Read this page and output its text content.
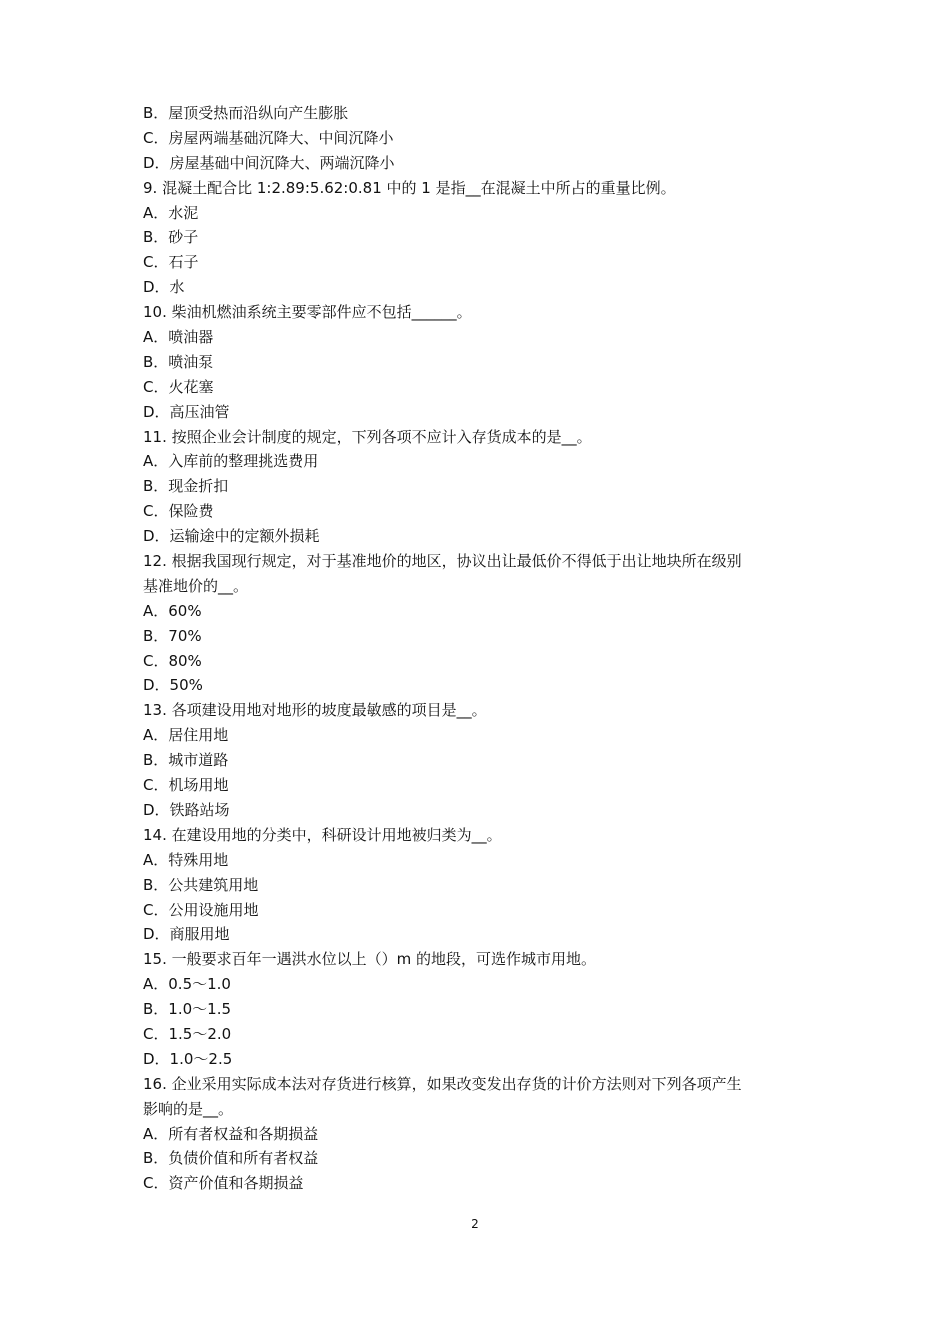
B．屋顶受热而沿纵向产生膨胀
C．房屋两端基础沉降大、中间沉降小
D．房屋基础中间沉降大、两端沉降小
9. 混凝土配合比 1:2.89:5.62:0.81 中的 1 是指__在混凝土中所占的重量比例。
A．水泥
B．砂子
C．石子
D．水
10. 柴油机燃油系统主要零部件应不包括______。
A．喷油器
B．喷油泵
C．火花塞
D．高压油管
11. 按照企业会计制度的规定，下列各项不应计入存货成本的是__。
A．入库前的整理挑选费用
B．现金折扣
C．保险费
D．运输途中的定额外损耗
12. 根据我国现行规定，对于基准地价的地区，协议出让最低价不得低于出让地块所在级别
基准地价的__。
A．60%
B．70%
C．80%
D．50%
13. 各项建设用地对地形的坡度最敏感的项目是__。
A．居住用地
B．城市道路
C．机场用地
D．铁路站场
14. 在建设用地的分类中，科研设计用地被归类为__。
A．特殊用地
B．公共建筑用地
C．公用设施用地
D．商服用地
15. 一般要求百年一遇洪水位以上（）m 的地段，可选作城市用地。
A．0.5～1.0
B．1.0～1.5
C．1.5～2.0
D．1.0～2.5
16. 企业采用实际成本法对存货进行核算，如果改变发出存货的计价方法则对下列各项产生
影响的是__。
A．所有者权益和各期损益
B．负债价值和所有者权益
C．资产价值和各期损益
2
